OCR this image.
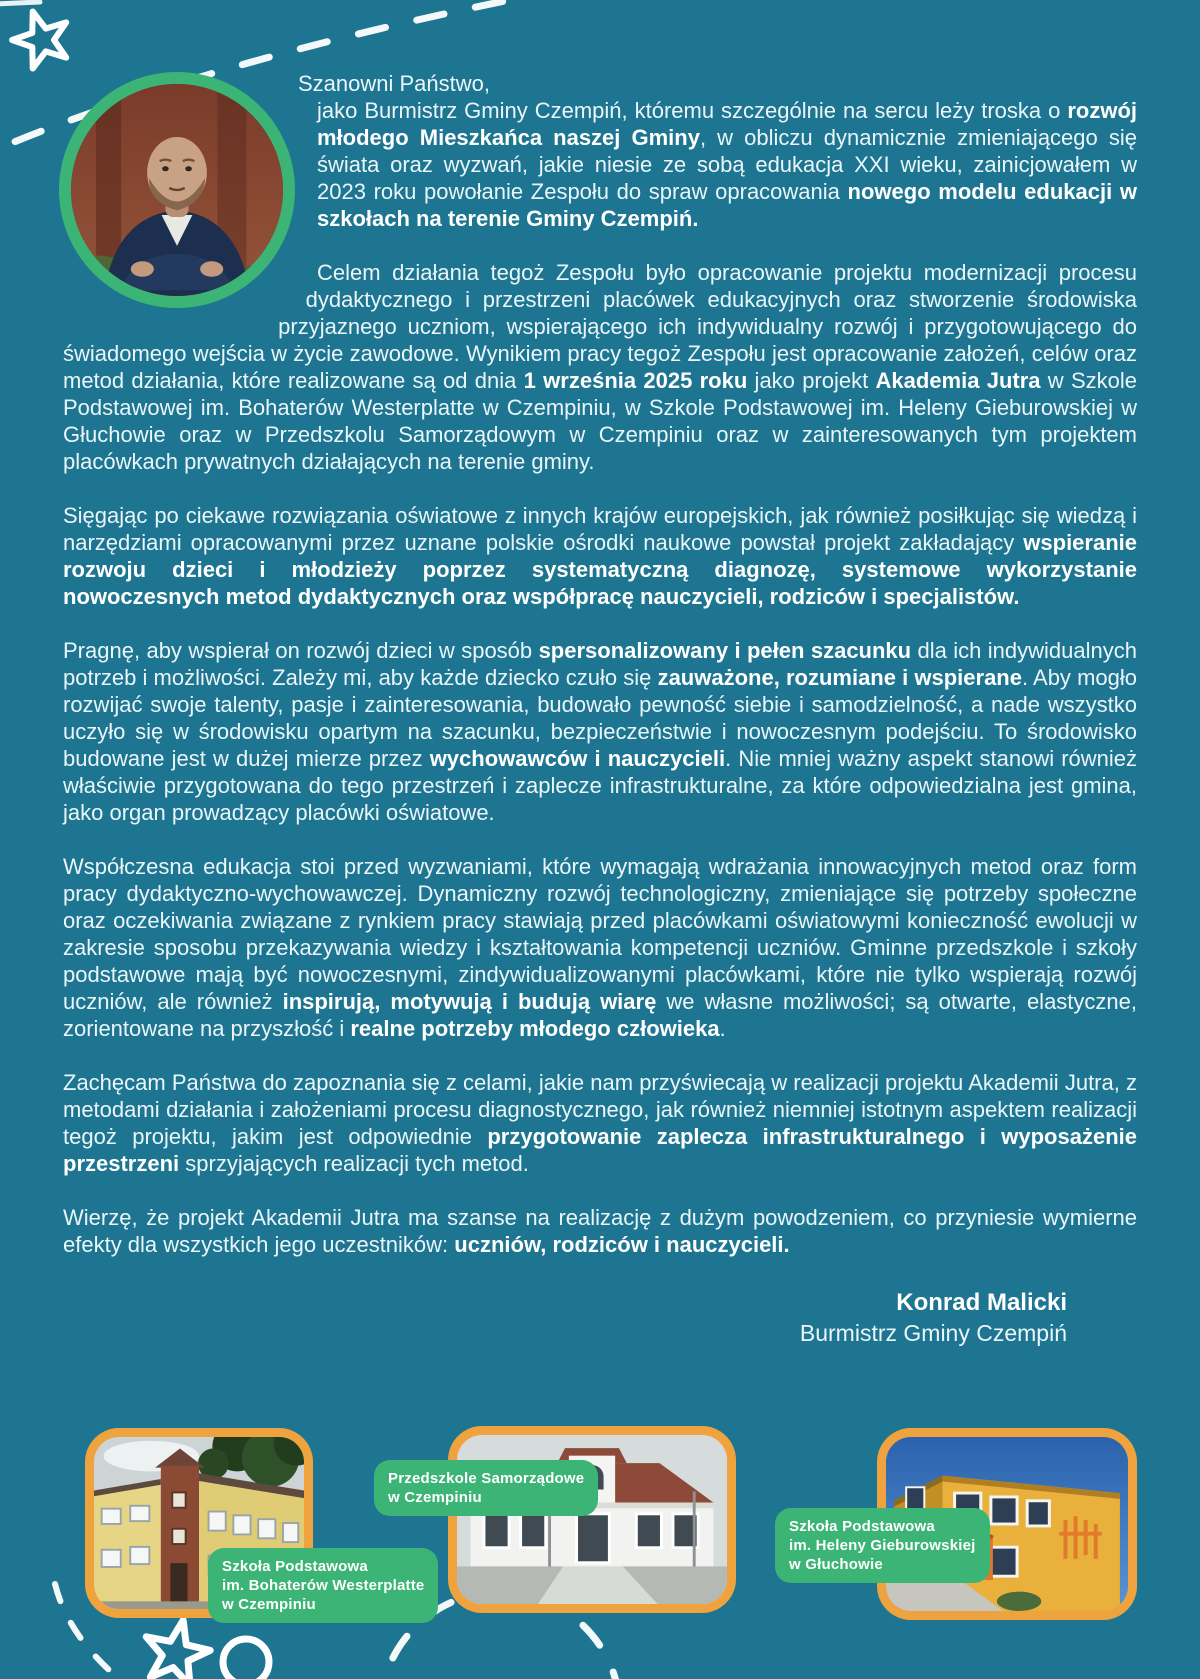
Szanowni Państwo,

jako Burmistrz Gminy Czempiń, któremu szczególnie na sercu leży troska o rozwój młodego Mieszkańca naszej Gminy, w obliczu dynamicznie zmieniającego się świata oraz wyzwań, jakie niesie ze sobą edukacja XXI wieku, zainicjowałem w 2023 roku powołanie Zespołu do spraw opracowania nowego modelu edukacji w szkołach na terenie Gminy Czempiń.

Celem działania tegoż Zespołu było opracowanie projektu modernizacji procesu dydaktycznego i przestrzeni placówek edukacyjnych oraz stworzenie środowiska przyjaznego uczniom, wspierającego ich indywidualny rozwój i przygotowującego do świadomego wejścia w życie zawodowe. Wynikiem pracy tegoż Zespołu jest opracowanie założeń, celów oraz metod działania, które realizowane są od dnia 1 września 2025 roku jako projekt Akademia Jutra w Szkole Podstawowej im. Bohaterów Westerplatte w Czempiniu, w Szkole Podstawowej im. Heleny Gieburowskiej w Głuchowie oraz w Przedszkolu Samorządowym w Czempiniu oraz w zainteresowanych tym projektem placówkach prywatnych działających na terenie gminy.

Sięgając po ciekawe rozwiązania oświatowe z innych krajów europejskich, jak również posiłkując się wiedzą i narzędziami opracowanymi przez uznane polskie ośrodki naukowe powstał projekt zakładający wspieranie rozwoju dzieci i młodzieży poprzez systematyczną diagnozę, systemowe wykorzystanie nowoczesnych metod dydaktycznych oraz współpracę nauczycieli, rodziców i specjalistów.

Pragnę, aby wspierał on rozwój dzieci w sposób spersonalizowany i pełen szacunku dla ich indywidualnych potrzeb i możliwości. Zależy mi, aby każde dziecko czuło się zauważone, rozumiane i wspierane. Aby mogło rozwijać swoje talenty, pasje i zainteresowania, budowało pewność siebie i samodzielność, a nade wszystko uczyło się w środowisku opartym na szacunku, bezpieczeństwie i nowoczesnym podejściu. To środowisko budowane jest w dużej mierze przez wychowawców i nauczycieli. Nie mniej ważny aspekt stanowi również właściwie przygotowana do tego przestrzeń i zaplecze infrastrukturalne, za które odpowiedzialna jest gmina, jako organ prowadzący placówki oświatowe.

Współczesna edukacja stoi przed wyzwaniami, które wymagają wdrażania innowacyjnych metod oraz form pracy dydaktyczno-wychowawczej. Dynamiczny rozwój technologiczny, zmieniające się potrzeby społeczne oraz oczekiwania związane z rynkiem pracy stawiają przed placówkami oświatowymi konieczność ewolucji w zakresie sposobu przekazywania wiedzy i kształtowania kompetencji uczniów. Gminne przedszkole i szkoły podstawowe mają być nowoczesnymi, zindywidualizowanymi placówkami, które nie tylko wspierają rozwój uczniów, ale również inspirują, motywują i budują wiarę we własne możliwości; są otwarte, elastyczne, zorientowane na przyszłość i realne potrzeby młodego człowieka.

Zachęcam Państwa do zapoznania się z celami, jakie nam przyświecają w realizacji projektu Akademii Jutra, z metodami działania i założeniami procesu diagnostycznego, jak również niemniej istotnym aspektem realizacji tegoż projektu, jakim jest odpowiednie przygotowanie zaplecza infrastrukturalnego i wyposażenie przestrzeni sprzyjających realizacji tych metod.

Wierzę, że projekt Akademii Jutra ma szanse na realizację z dużym powodzeniem, co przyniesie wymierne efekty dla wszystkich jego uczestników: uczniów, rodziców i nauczycieli.

Konrad Malicki
Burmistrz Gminy Czempiń
Szkoła Podstawowa
im. Bohaterów Westerplatte
w Czempiniu
Przedszkole Samorządowe
w Czempiniu
Szkoła Podstawowa
im. Heleny Gieburowskiej
w Głuchowie
